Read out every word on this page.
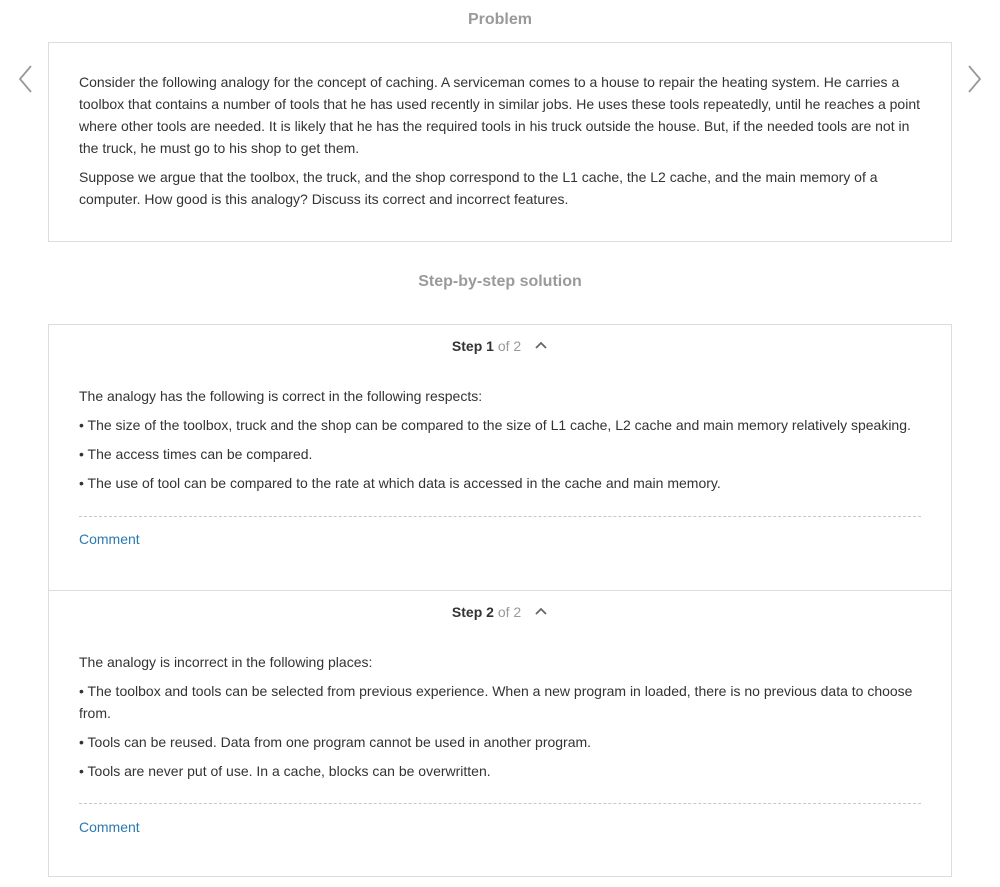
Problem

Consider the following analogy for the concept of caching. A serviceman comes to a house to repair the heating system. He carries a toolbox that contains a number of tools that he has used recently in similar jobs. He uses these tools repeatedly, until he reaches a point where other tools are needed. It is likely that he has the required tools in his truck outside the house. But, if the needed tools are not in the truck, he must go to his shop to get them.

Suppose we argue that the toolbox, the truck, and the shop correspond to the L1 cache, the L2 cache, and the main memory of a computer. How good is this analogy? Discuss its correct and incorrect features.

Step-by-step solution
Step 1 of 2

The analogy has the following is correct in the following respects:

• The size of the toolbox, truck and the shop can be compared to the size of L1 cache, L2 cache and main memory relatively speaking.

• The access times can be compared.

• The use of tool can be compared to the rate at which data is accessed in the cache and main memory.

Comment
Step 2 of 2

The analogy is incorrect in the following places:

• The toolbox and tools can be selected from previous experience. When a new program in loaded, there is no previous data to choose from.

• Tools can be reused. Data from one program cannot be used in another program.

• Tools are never put of use. In a cache, blocks can be overwritten.

Comment
